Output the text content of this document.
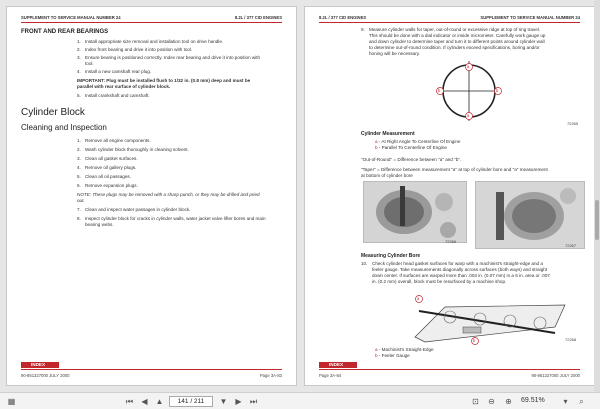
SUPPLEMENT TO SERVICE MANUAL NUMBER 24	8.2L / 377 CID ENGINES
FRONT AND REAR BEARINGS
1. Install appropriate size removal and installation tool on drive handle.
2. Index front bearing and drive it into position with tool.
3. Ensure bearing is positioned correctly. Index rear bearing and drive it into position with
tool.
4. Install a new camshaft rear plug.
IMPORTANT: Plug must be installed flush to 1/32 in. (0.8 mm) deep and must be
parallel with rear surface of cylinder block.
5. Install crankshaft and camshaft.
Cylinder Block
Cleaning and Inspection
1. Remove all engine components.
2. Wash cylinder block thoroughly in cleaning solvent.
3. Clean all gasket surfaces.
4. Remove oil gallery plugs.
5. Clean all oil passages.
6. Remove expansion plugs.
NOTE: These plugs may be removed with a sharp punch, or they may be drilled and pried
out.
7. Clean and inspect water passages in cylinder block.
8. Inspect cylinder block for cracks in cylinder walls, water jacket valve lifter bores and main
bearing webs.
INDEX
90-861327000 JULY 2000	Page 3A-83
8.2L / 377 CID ENGINES	SUPPLEMENT TO SERVICE MANUAL NUMBER 24
9. Measure cylinder walls for taper, out-of-round or excessive ridge at top of ring travel.
This should be done with a dial indicator or inside micrometer. Carefully work gauge up
and down cylinder to determine taper and turn it to different points around cylinder wall
to determine out-of-round condition. If cylinders exceed specifications, boring and/or
honing will be necessary.
a
b	b
a
72265
Cylinder Measurement
a - At Right Angle To Centerline Of Engine
b - Parallel To Centerline Of Engine
"Out-of-Round" = Difference between "a" and "b".
"Taper" = Difference between measurement "a" at top of cylinder bore and "a" measurement
at bottom of cylinder bore
72266
72267
Measuring Cylinder Bore
10. Check cylinder head gasket surfaces for warp with a machinist's straight-edge and a
feeler gauge. Take measurements diagonally across surfaces (both ways) and straight
down center. If surfaces are warped more than .003 in. (0.07 mm) in a 6 in. area or .007
in. (0.2 mm) overall, block must be resurfaced by a machine shop.
a
b	72268
a - Machinist's Straight-Edge
b - Feeler Gauge
INDEX
Page 3A-84	90-861327000 JULY 2000
▦	⏮	◀ ▲	141 / 211	▼ ▶	⏭	⊡ ⊖ ⊕	69.51%	▾	⌕
